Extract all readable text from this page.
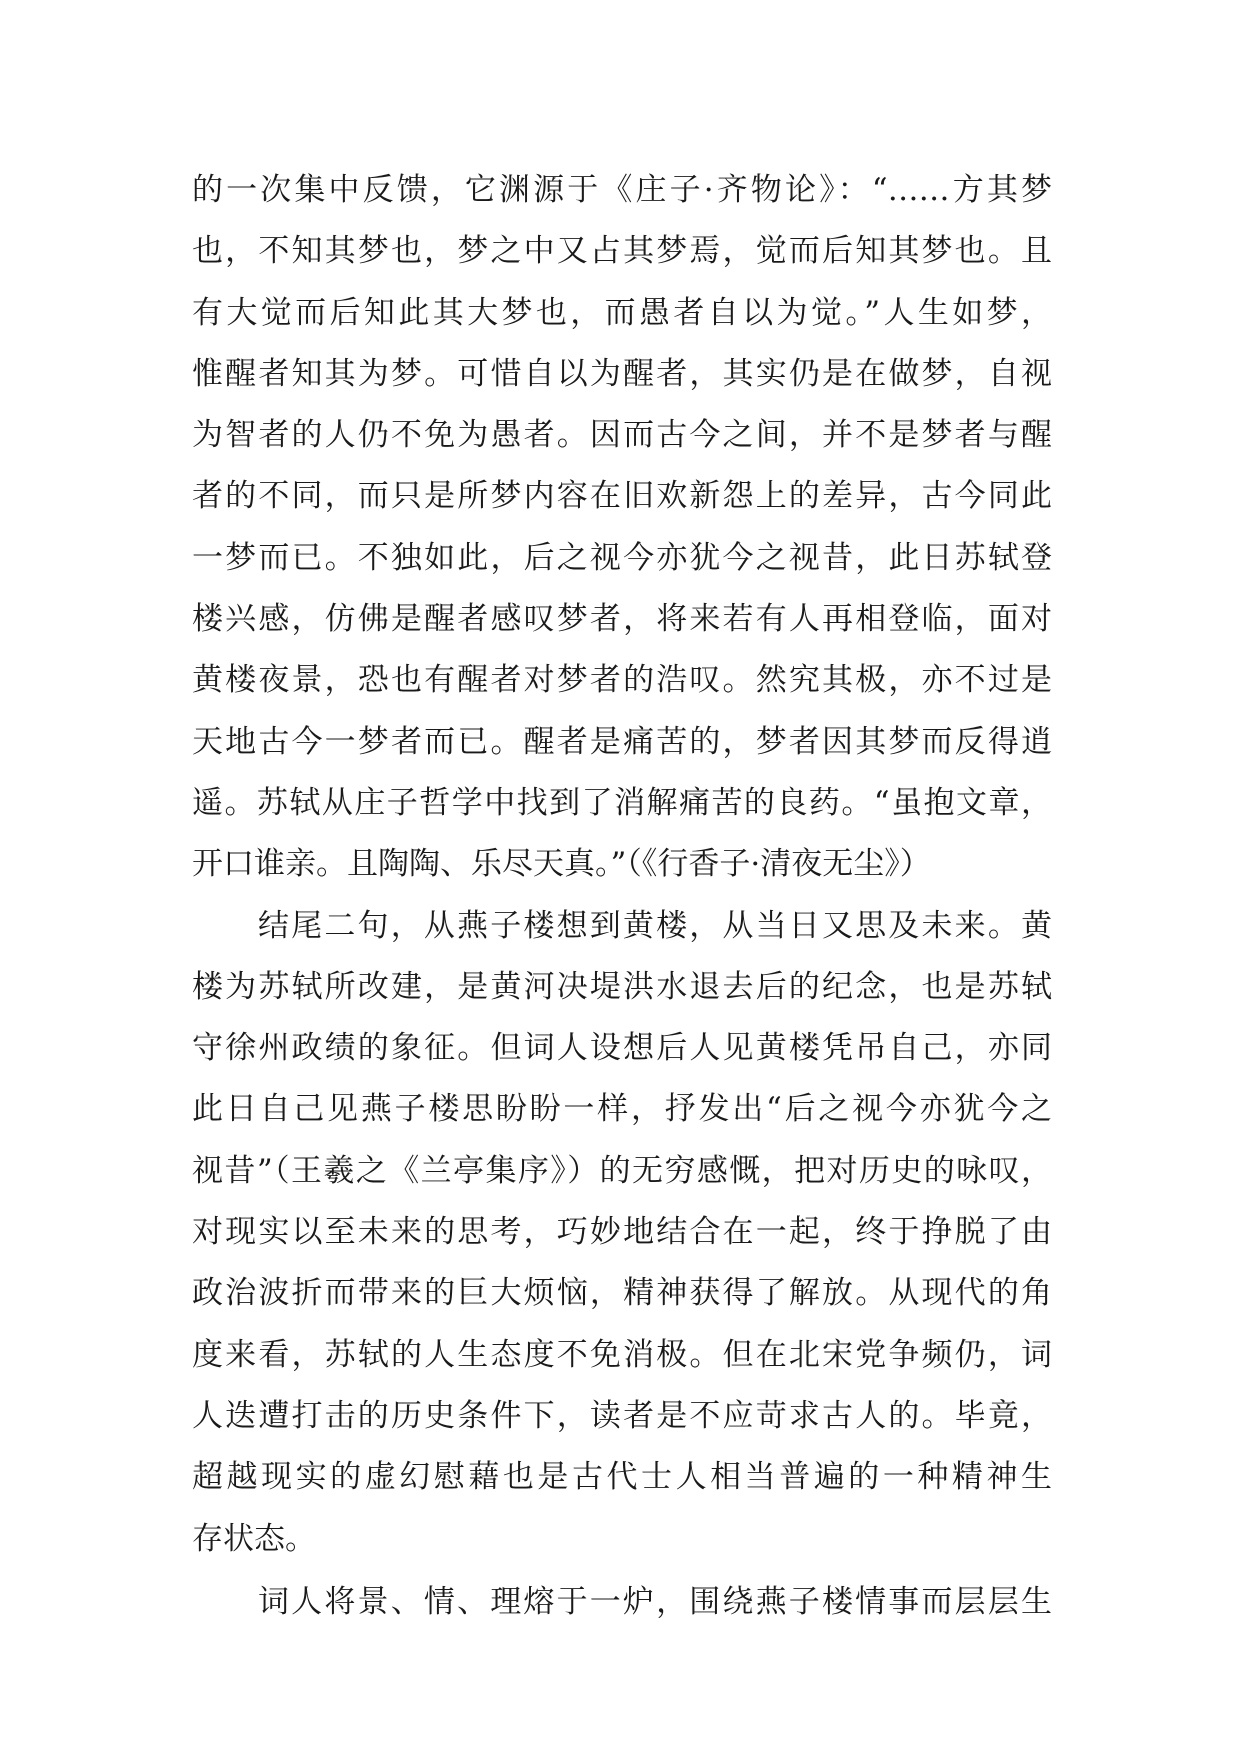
的一次集中反馈，它渊源于《庄子·齐物论》：“……方其梦
也，不知其梦也，梦之中又占其梦焉，觉而后知其梦也。且
有大觉而后知此其大梦也，而愚者自以为觉。”人生如梦，
惟醒者知其为梦。可惜自以为醒者，其实仍是在做梦，自视
为智者的人仍不免为愚者。因而古今之间，并不是梦者与醒
者的不同，而只是所梦内容在旧欢新怨上的差异，古今同此
一梦而已。不独如此，后之视今亦犹今之视昔，此日苏轼登
楼兴感，仿佛是醒者感叹梦者，将来若有人再相登临，面对
黄楼夜景，恐也有醒者对梦者的浩叹。然究其极，亦不过是
天地古今一梦者而已。醒者是痛苦的，梦者因其梦而反得逍
遥。苏轼从庄子哲学中找到了消解痛苦的良药。“虽抱文章，
开口谁亲。且陶陶、乐尽天真。”（《行香子·清夜无尘》）
结尾二句，从燕子楼想到黄楼，从当日又思及未来。黄
楼为苏轼所改建，是黄河决堤洪水退去后的纪念，也是苏轼
守徐州政绩的象征。但词人设想后人见黄楼凭吊自己，亦同
此日自己见燕子楼思盼盼一样，抒发出“后之视今亦犹今之
视昔”（王羲之《兰亭集序》）的无穷感慨，把对历史的咏叹，
对现实以至未来的思考，巧妙地结合在一起，终于挣脱了由
政治波折而带来的巨大烦恼，精神获得了解放。从现代的角
度来看，苏轼的人生态度不免消极。但在北宋党争频仍，词
人迭遭打击的历史条件下，读者是不应苛求古人的。毕竟，
超越现实的虚幻慰藉也是古代士人相当普遍的一种精神生
存状态。
词人将景、情、理熔于一炉，围绕燕子楼情事而层层生
